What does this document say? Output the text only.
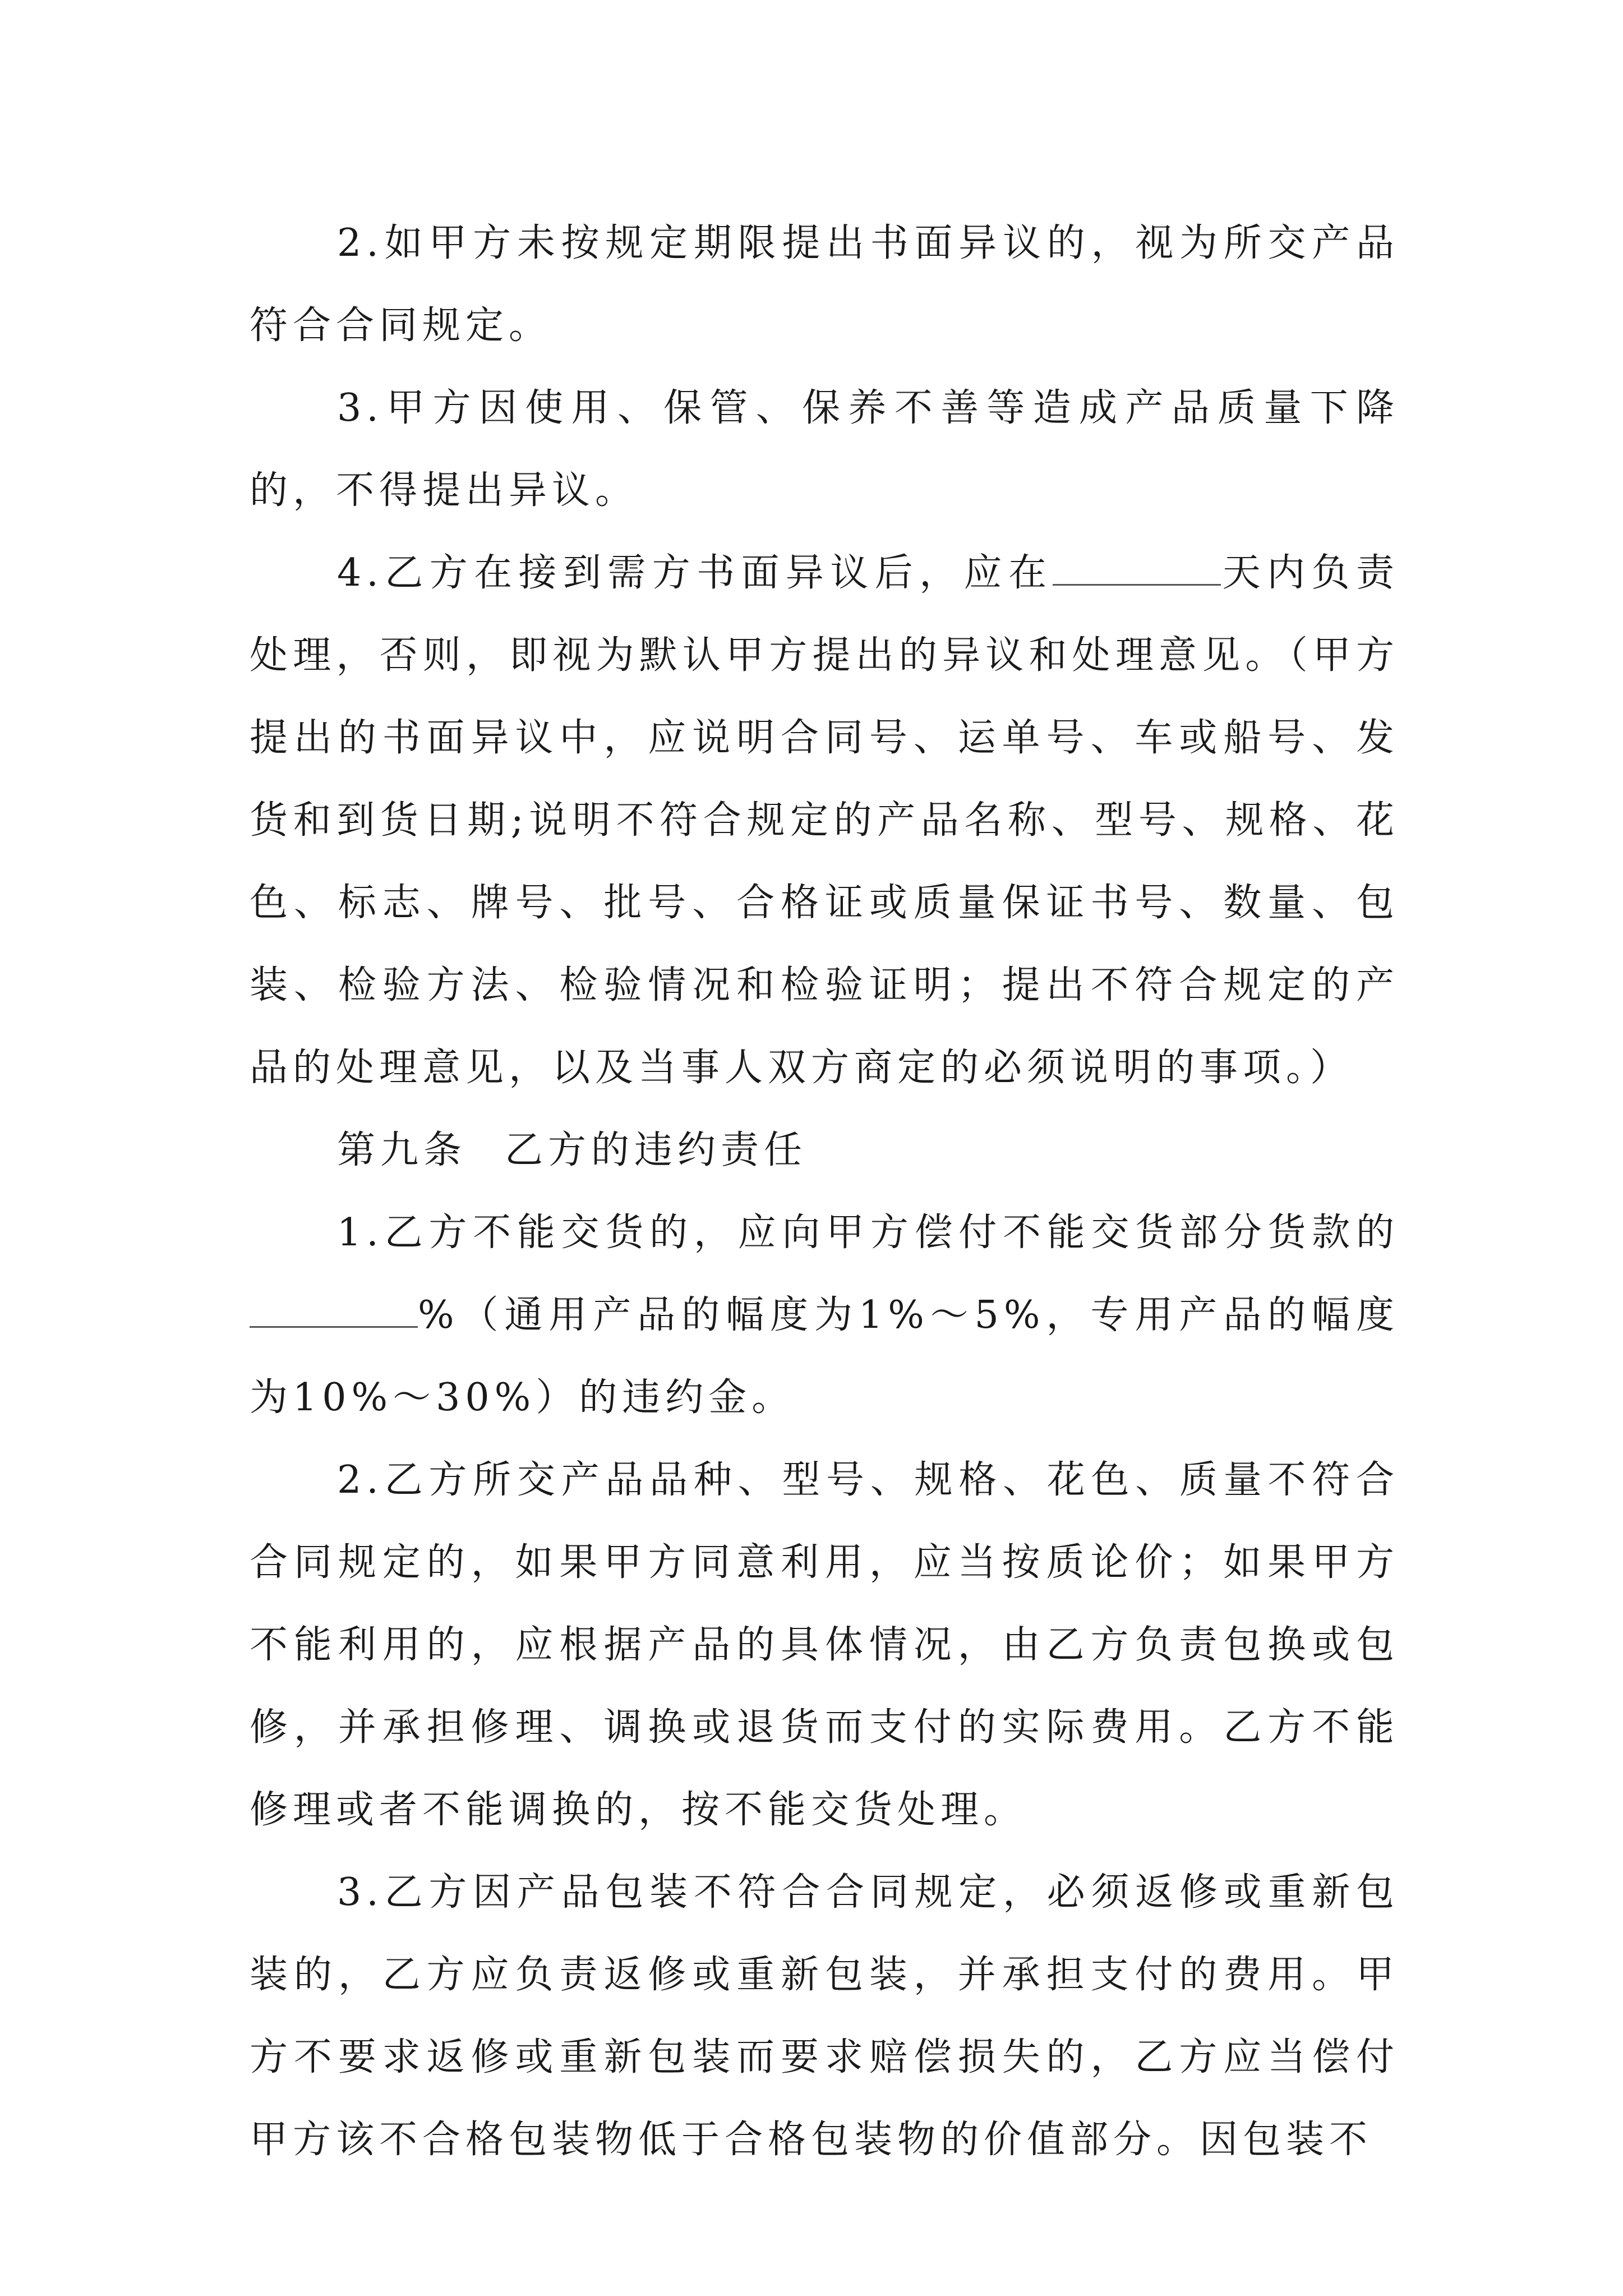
2.如甲方未按规定期限提出书面异议的，视为所交产品符合合同规定。

3.甲方因使用、保管、保养不善等造成产品质量下降的，不得提出异议。

4.乙方在接到需方书面异议后，应在	天内负责处理，否则，即视为默认甲方提出的异议和处理意见。（甲方提出的书面异议中，应说明合同号、运单号、车或船号、发货和到货日期;说明不符合规定的产品名称、型号、规格、花色、标志、牌号、批号、合格证或质量保证书号、数量、包装、检验方法、检验情况和检验证明；提出不符合规定的产品的处理意见，以及当事人双方商定的必须说明的事项。）

第九条 乙方的违约责任

1.乙方不能交货的，应向甲方偿付不能交货部分货款的%（通用产品的幅度为1%～5%，专用产品的幅度为10%～30%）的违约金。

2.乙方所交产品品种、型号、规格、花色、质量不符合合同规定的，如果甲方同意利用，应当按质论价；如果甲方不能利用的，应根据产品的具体情况，由乙方负责包换或包修，并承担修理、调换或退货而支付的实际费用。乙方不能修理或者不能调换的，按不能交货处理。

3.乙方因产品包装不符合合同规定，必须返修或重新包装的，乙方应负责返修或重新包装，并承担支付的费用。甲方不要求返修或重新包装而要求赔偿损失的，乙方应当偿付甲方该不合格包装物低于合格包装物的价值部分。因包装不
